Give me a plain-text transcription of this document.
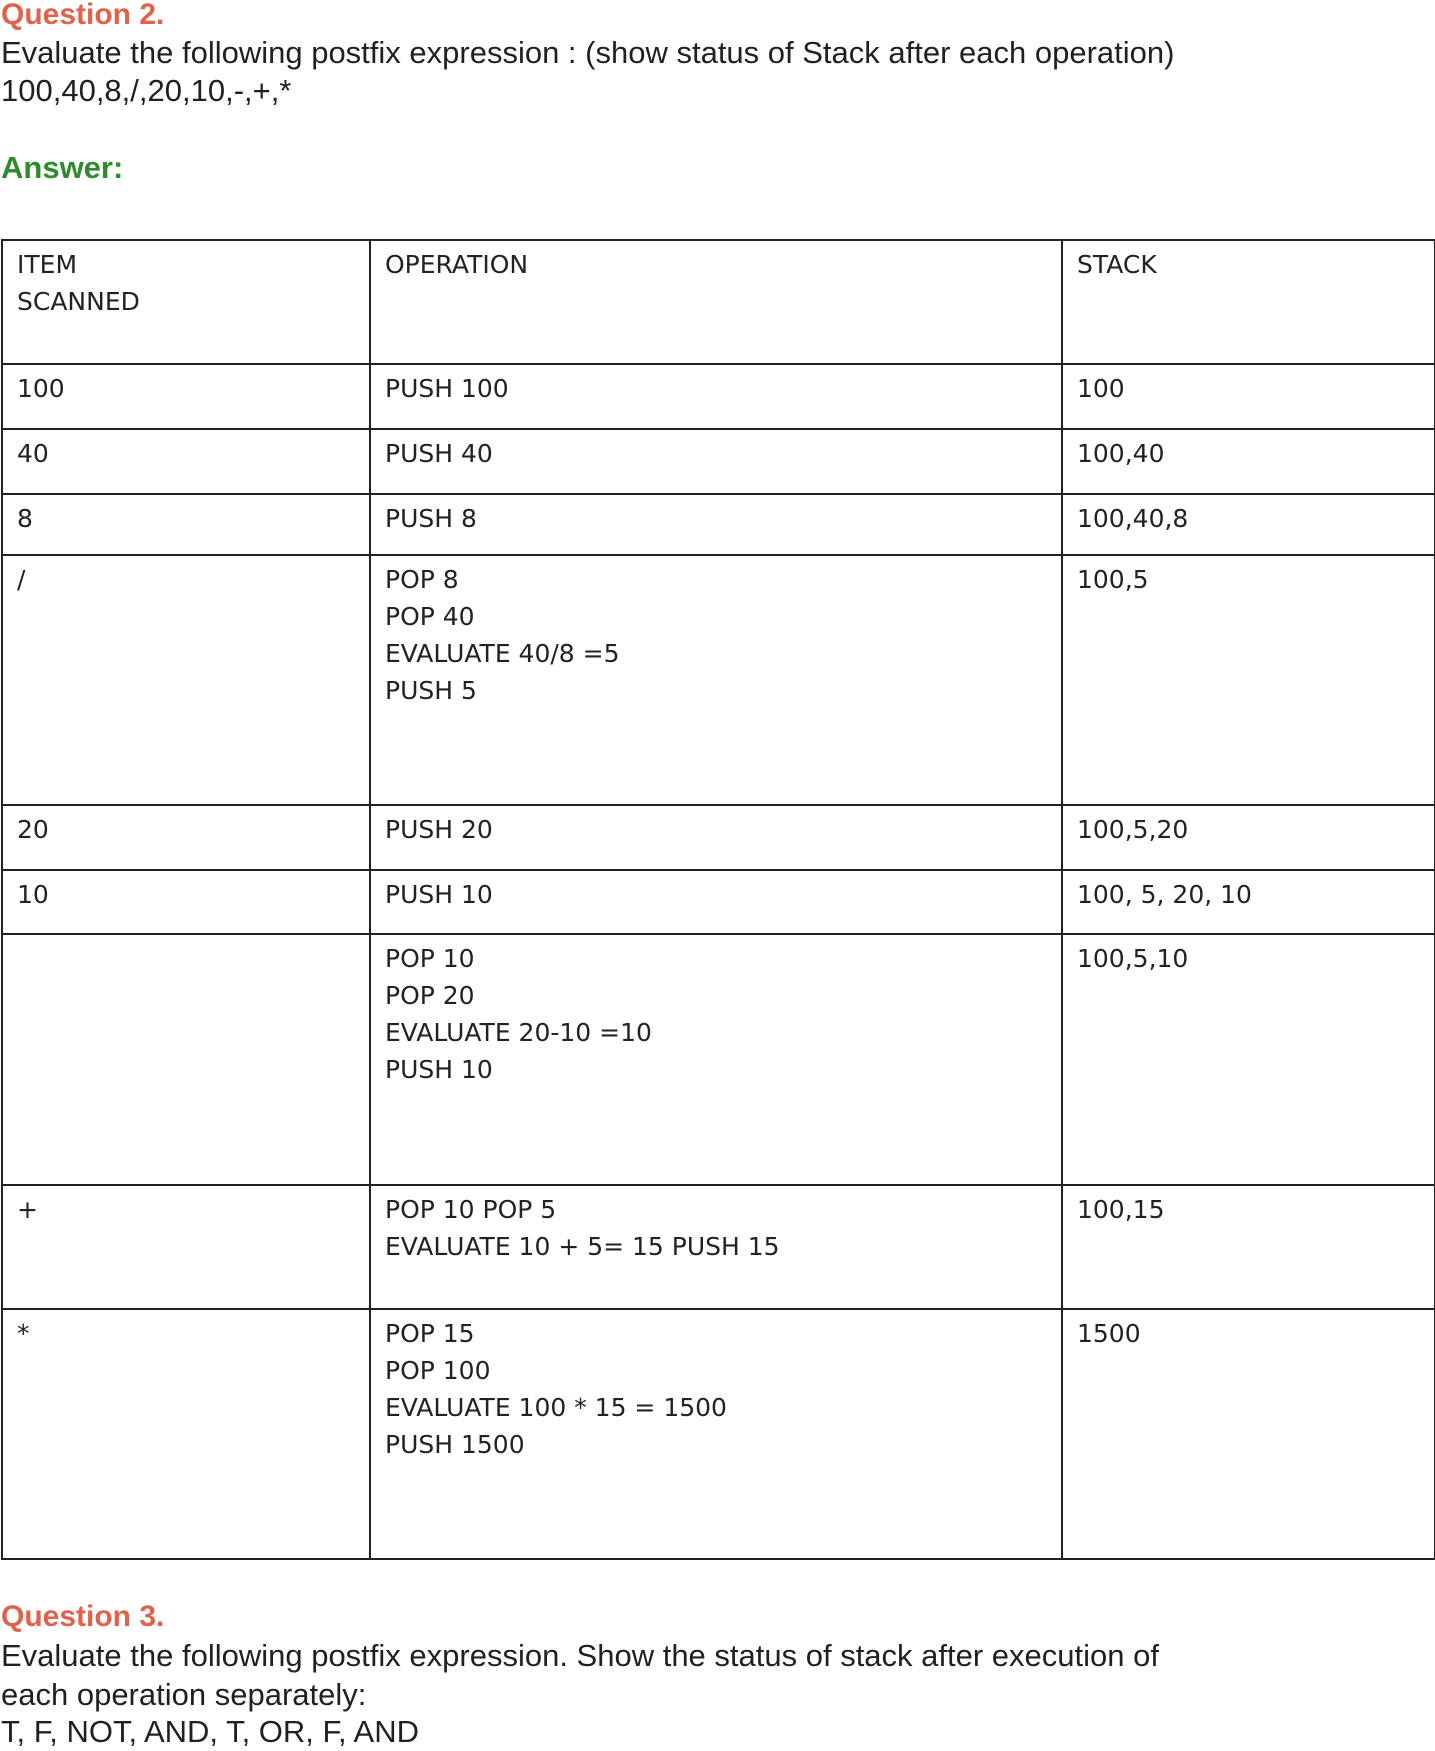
Question 2.
Evaluate the following postfix expression : (show status of Stack after each operation)
100,40,8,/,20,10,-,+,*
Answer:
ITEM
SCANNED	OPERATION	STACK

100	PUSH 100	100

40	PUSH 40	100,40

8	PUSH 8	100,40,8

/	POP 8
POP 40
EVALUATE 40/8 =5
PUSH 5	100,5

20	PUSH 20	100,5,20

10	PUSH 10	100, 5, 20, 10

	POP 10
POP 20
EVALUATE 20-10 =10
PUSH 10	100,5,10

+	POP 10 POP 5
EVALUATE 10 + 5= 15 PUSH 15	100,15

*	POP 15
POP 100
EVALUATE 100 * 15 = 1500
PUSH 1500	1500
Question 3.
Evaluate the following postfix expression. Show the status of stack after execution of
each operation separately:
T, F, NOT, AND, T, OR, F, AND
